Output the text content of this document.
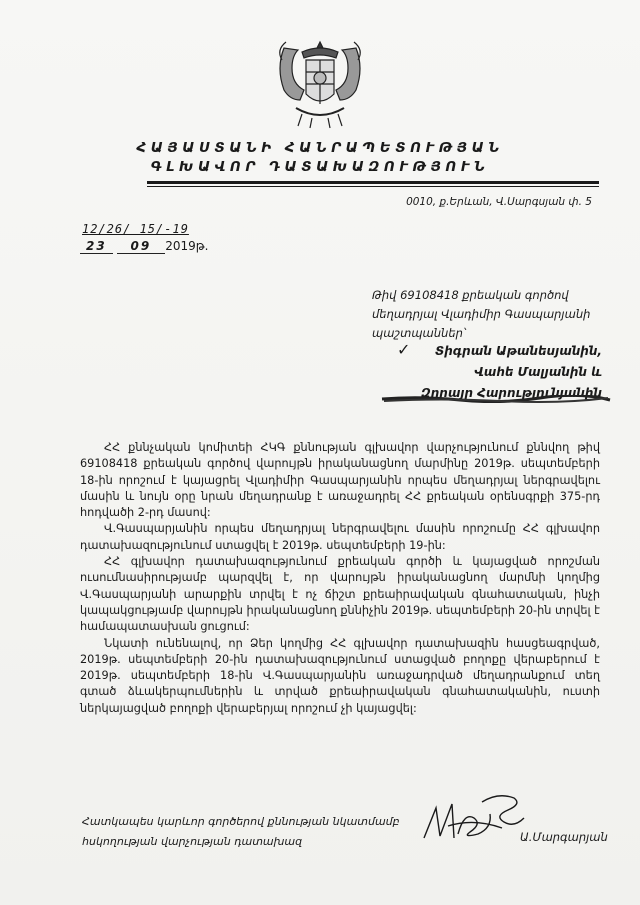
ՀԱՅԱՍՏԱՆԻ ՀԱՆՐԱՊԵՏՈՒԹՅԱՆ
ԳԼԽԱՎՈՐ ԴԱՏԱԽԱԶՈՒԹՅՈՒՆ
0010, ք.Երևան, Վ.Սարգսյան փ. 5
12/26/ 15/-19
23 09 2019թ.
Թիվ 69108418 քրեական գործով մեղադրյալ Վլադիմիր Գասպարյանի պաշտպաններ՝
✓	Տիգրան Աթանեսյանին,
Վահե Մալյանին և
Զորայր Հարությունյանին

ՀՀ քննչական կոմիտեի ՀԿԳ քննության գլխավոր վարչությունում քննվող թիվ 69108418 քրեական գործով վարույթն իրականացնող մարմինը 2019թ. սեպտեմբերի 18-ին որոշում է կայացրել Վլադիմիր Գասպարյանին որպես մեղադրյալ ներգրավելու մասին և նույն օրը նրան մեղադրանք է առաջադրել ՀՀ քրեական օրենսգրքի 375-րդ հոդվածի 2-րդ մասով:

Վ.Գասպարյանին որպես մեղադրյալ ներգրավելու մասին որոշումը ՀՀ գլխավոր դատախազությունում ստացվել է 2019թ. սեպտեմբերի 19-ին:

ՀՀ գլխավոր դատախազությունում քրեական գործի և կայացված որոշման ուսումնասիրությամբ պարզվել է, որ վարույթն իրականացնող մարմնի կողմից Վ.Գասպարյանի արարքին տրվել է ոչ ճիշտ քրեաիրավական գնահատական, ինչի կապակցությամբ վարույթն իրականացնող քննիչին 2019թ. սեպտեմբերի 20-ին տրվել է համապատասխան ցուցում:

Նկատի ունենալով, որ Ձեր կողմից ՀՀ գլխավոր դատախազին հասցեագրված, 2019թ. սեպտեմբերի 20-ին դատախազությունում ստացված բողոքը վերաբերում է 2019թ. սեպտեմբերի 18-ին Վ.Գասպարյանին առաջադրված մեղադրանքում տեղ գտած ձևակերպումներին և տրված քրեաիրավական գնահատականին, ուստի ներկայացված բողոքի վերաբերյալ որոշում չի կայացվել:

Հատկապես կարևոր գործերով քննության նկատմամբ
հսկողության վարչության դատախազ	Ա.Մարգարյան
